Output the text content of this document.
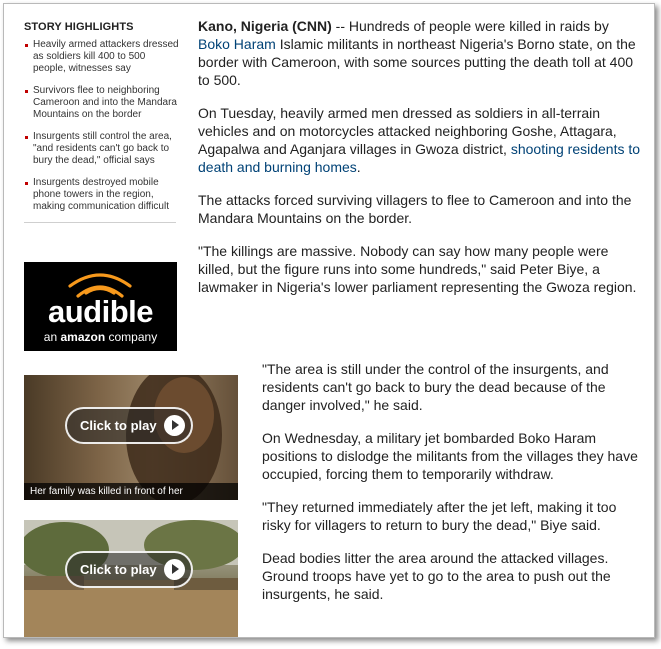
STORY HIGHLIGHTS
Heavily armed attackers dressed as soldiers kill 400 to 500 people, witnesses say
Survivors flee to neighboring Cameroon and into the Mandara Mountains on the border
Insurgents still control the area, "and residents can't go back to bury the dead," official says
Insurgents destroyed mobile phone towers in the region, making communication difficult
audible
an amazon company
Click to play
Her family was killed in front of her
Click to play

Kano, Nigeria (CNN) -- Hundreds of people were killed in raids by Boko Haram Islamic militants in northeast Nigeria's Borno state, on the border with Cameroon, with some sources putting the death toll at 400 to 500.

On Tuesday, heavily armed men dressed as soldiers in all-terrain vehicles and on motorcycles attacked neighboring Goshe, Attagara, Agapalwa and Aganjara villages in Gwoza district, shooting residents to death and burning homes.

The attacks forced surviving villagers to flee to Cameroon and into the Mandara Mountains on the border.

"The killings are massive. Nobody can say how many people were killed, but the figure runs into some hundreds," said Peter Biye, a lawmaker in Nigeria's lower parliament representing the Gwoza region.

"The area is still under the control of the insurgents, and residents can't go back to bury the dead because of the danger involved," he said.

On Wednesday, a military jet bombarded Boko Haram positions to dislodge the militants from the villages they have occupied, forcing them to temporarily withdraw.

"They returned immediately after the jet left, making it too risky for villagers to return to bury the dead," Biye said.

Dead bodies litter the area around the attacked villages. Ground troops have yet to go to the area to push out the insurgents, he said.
